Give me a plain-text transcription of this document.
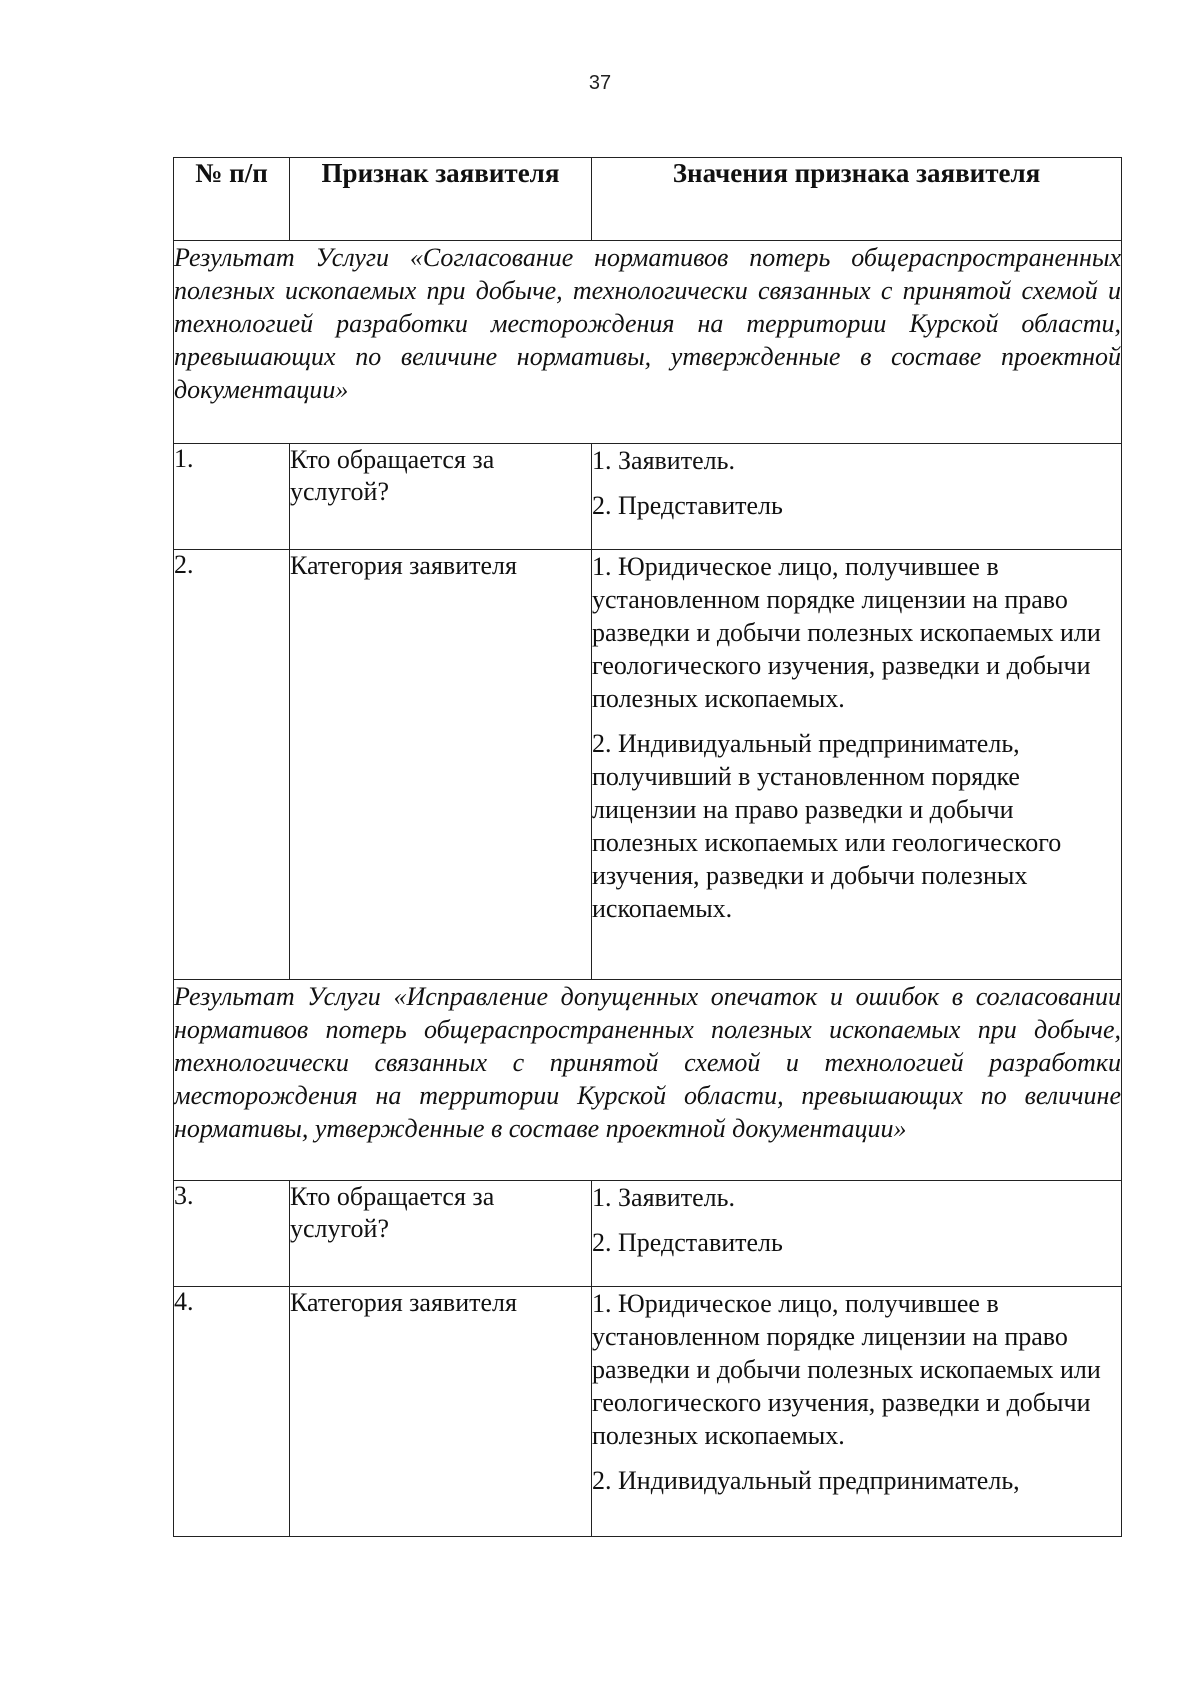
37
№ п/п	Признак заявителя	Значения признака заявителя
Результат Услуги «Согласование нормативов потерь общераспространенных полезных ископаемых при добыче, технологически связанных с принятой схемой и технологией разработки месторождения на территории Курской области, превышающих по величине нормативы, утвержденные в составе проектной документации»		
1.	Кто обращается за услугой?	1. Заявитель.

2. Представитель

2.	Категория заявителя	1. Юридическое лицо, получившее в установленном порядке лицензии на право разведки и добычи полезных ископаемых или геологического изучения, разведки и добычи полезных ископаемых.

2. Индивидуальный предприниматель, получивший в установленном порядке лицензии на право разведки и добычи полезных ископаемых или геологического изучения, разведки и добычи полезных ископаемых.

Результат Услуги «Исправление допущенных опечаток и ошибок в согласовании нормативов потерь общераспространенных полезных ископаемых при добыче, технологически связанных с принятой схемой и технологией разработки месторождения на территории Курской области, превышающих по величине нормативы, утвержденные в составе проектной документации»		
3.	Кто обращается за услугой?	1. Заявитель.

2. Представитель

4.	Категория заявителя	1. Юридическое лицо, получившее в установленном порядке лицензии на право разведки и добычи полезных ископаемых или геологического изучения, разведки и добычи полезных ископаемых.

2. Индивидуальный предприниматель,
